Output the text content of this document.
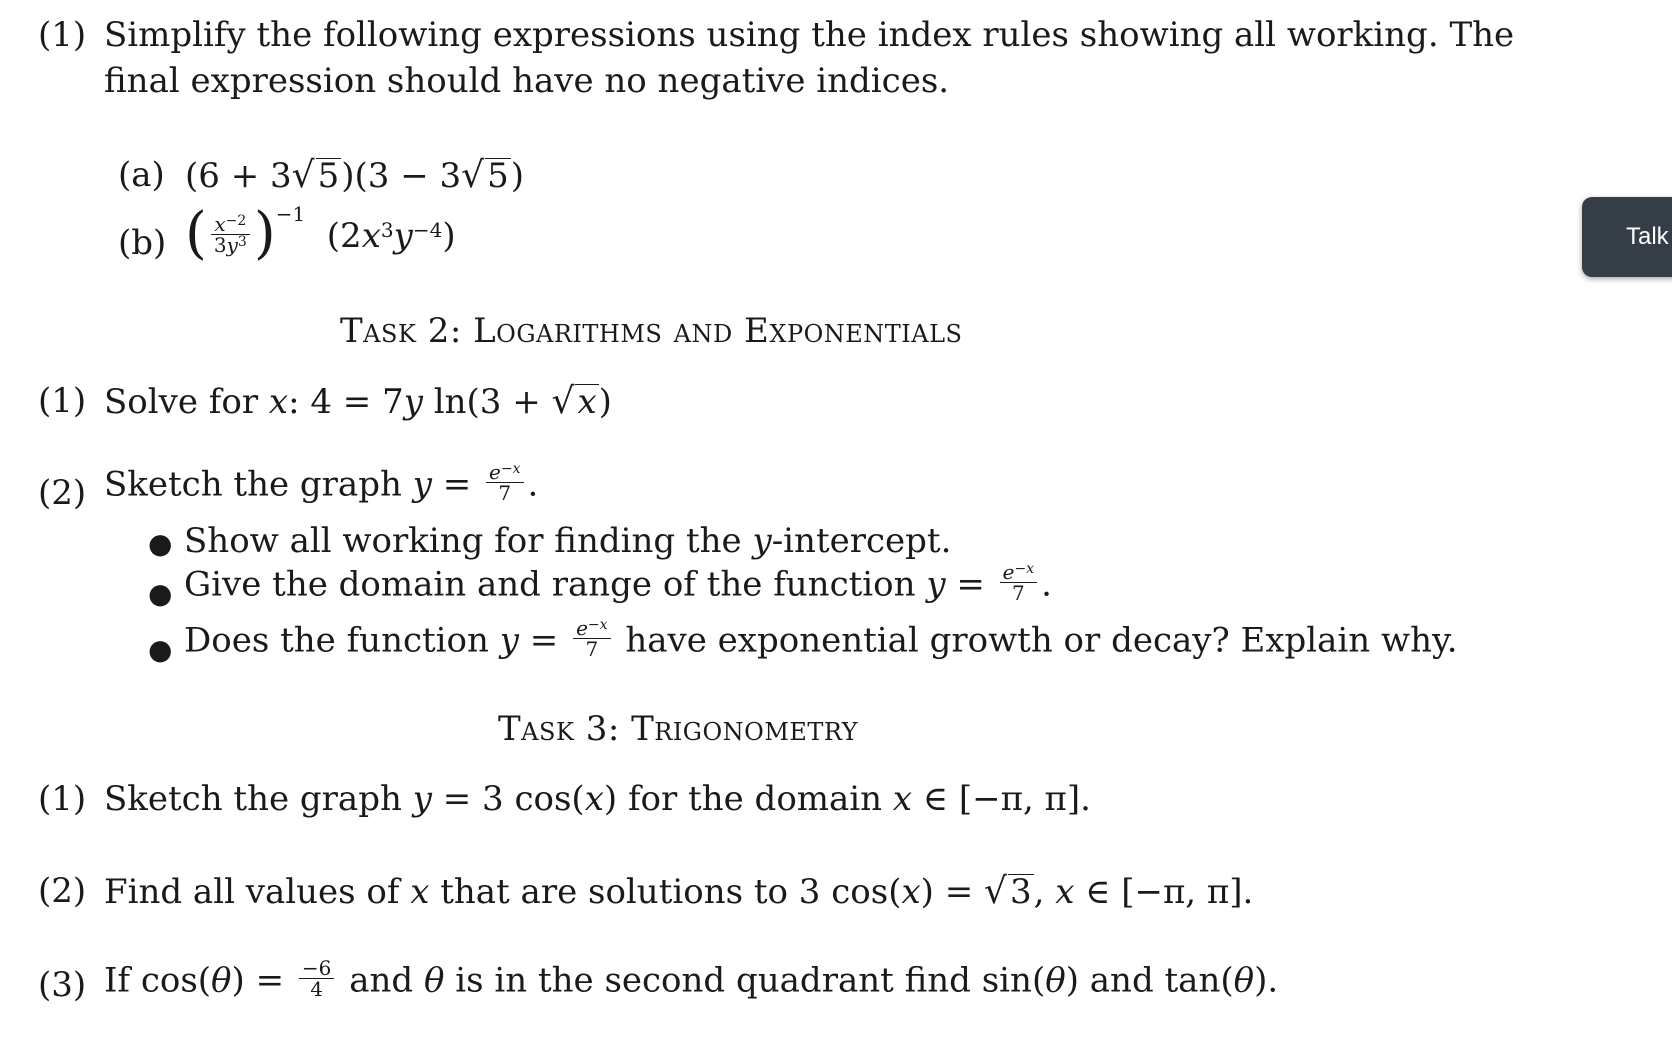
(1) Simplify the following expressions using the index rules showing all working. The
final expression should have no negative indices.
(a) (6 + 3√5)(3 − 3√5)
(b) ( $\frac{x^{-2}}{3y^3} )^{-1}$  $(2x^3y^{-4})$
Task 2: Logarithms and Exponentials
(1) Solve for x: 4 = 7y ln(3 + √x)
(2) Sketch the graph $y = \frac{e^{-x}}{7}$ .
● Show all working for finding the y-intercept.
● Give the domain and range of the function $y = \frac{e^{-x}}{7}$ .
● Does the function $y = \frac{e^{-x}}{7}$ have exponential growth or decay? Explain why.
Task 3: Trigonometry
(1) Sketch the graph y = 3 cos(x) for the domain x ∈ [−π, π].
(2) Find all values of x that are solutions to 3 cos(x) = √3, x ∈ [−π, π].
(3) If $\cos(\theta) = \frac{-6}{4}$ and θ is in the second quadrant find sin(θ) and tan(θ).
Talk
